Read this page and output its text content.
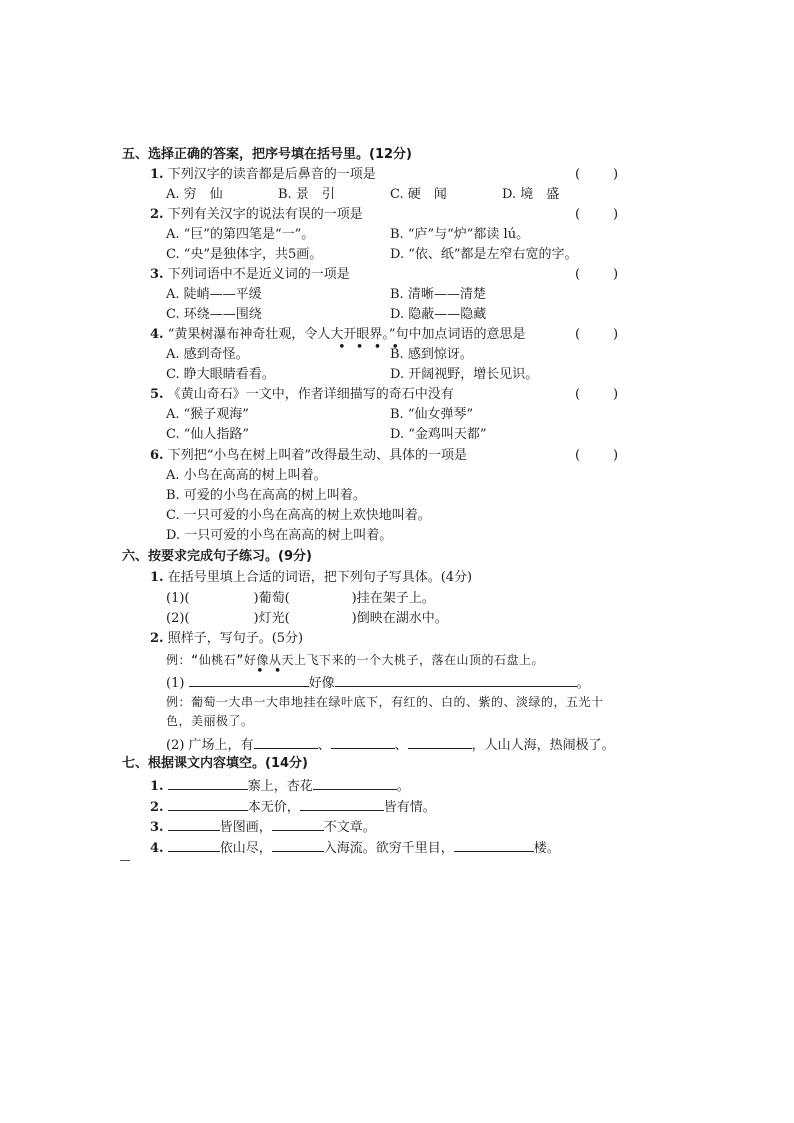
五、选择正确的答案，把序号填在括号里。(12分)
1. 下列汉字的读音都是后鼻音的一项是	(	)
A. 穷　仙	B. 景　引	C. 硬　闻	D. 境　盛
2. 下列有关汉字的说法有误的一项是	(	)
A. “巨”的第四笔是“一”。	B. “庐”与“炉”都读 lú。
C. “央”是独体字，共5画。	D. “依、纸”都是左窄右宽的字。
3. 下列词语中不是近义词的一项是	(	)
A. 陡峭——平缓	B. 清晰——清楚
C. 环绕——围绕	D. 隐蔽——隐藏
4. “黄果树瀑布神奇壮观，令人大开眼界。”句中加点词语的意思是
• • • •
(	)
A. 感到奇怪。	B. 感到惊讶。
C. 睁大眼睛看看。	D. 开阔视野，增长见识。
5. 《黄山奇石》一文中，作者详细描写的奇石中没有	(	)
A. “猴子观海”	B. “仙女弹琴”
C. “仙人指路”	D. “金鸡叫天都”
6. 下列把“小鸟在树上叫着”改得最生动、具体的一项是	(	)
A. 小鸟在高高的树上叫着。
B. 可爱的小鸟在高高的树上叫着。
C. 一只可爱的小鸟在高高的树上欢快地叫着。
D. 一只可爱的小鸟在高高的树上叫着。
六、按要求完成句子练习。(9分)
1. 在括号里填上合适的词语，把下列句子写具体。(4分)
(1)(	)葡萄(	)挂在架子上。
(2)(	)灯光(	)倒映在湖水中。
2. 照样子，写句子。(5分)
例：“仙桃石”好像从天上飞下来的一个大桃子，落在山顶的石盘上。
• •
(1)	好像	。
例：葡萄一大串一大串地挂在绿叶底下，有红的、白的、紫的、淡绿的，五光十
色，美丽极了。
(2) 广场上，有	、	、	，人山人海，热闹极了。
七、根据课文内容填空。(14分)
1.	寨上，杏花	。
2.	本无价，	皆有情。
3.	皆图画，	不文章。
4.	依山尽，	入海流。欲穷千里目，	楼。
